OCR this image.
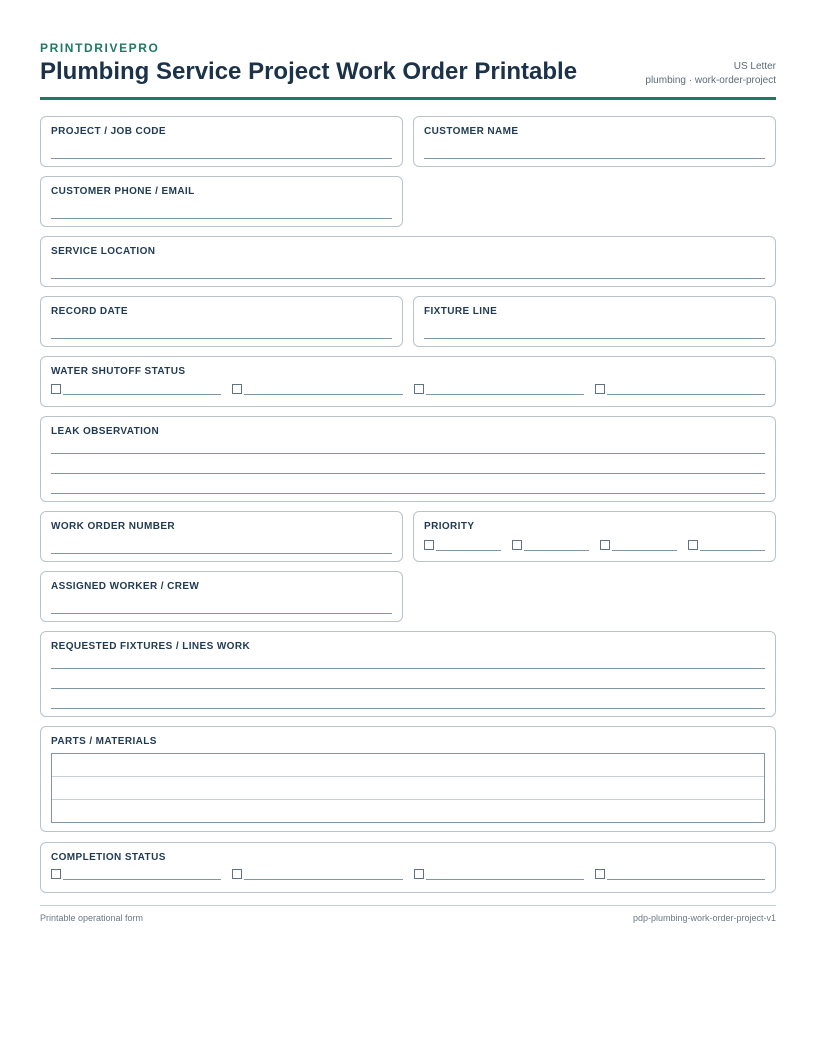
PRINTDRIVEPRO
Plumbing Service Project Work Order Printable	US Letter
plumbing · work-order-project
PROJECT / JOB CODE	CUSTOMER NAME
CUSTOMER PHONE / EMAIL
SERVICE LOCATION
RECORD DATE	FIXTURE LINE
WATER SHUTOFF STATUS
LEAK OBSERVATION
WORK ORDER NUMBER	PRIORITY
ASSIGNED WORKER / CREW
REQUESTED FIXTURES / LINES WORK
PARTS / MATERIALS
COMPLETION STATUS
Printable operational form	pdp-plumbing-work-order-project-v1
